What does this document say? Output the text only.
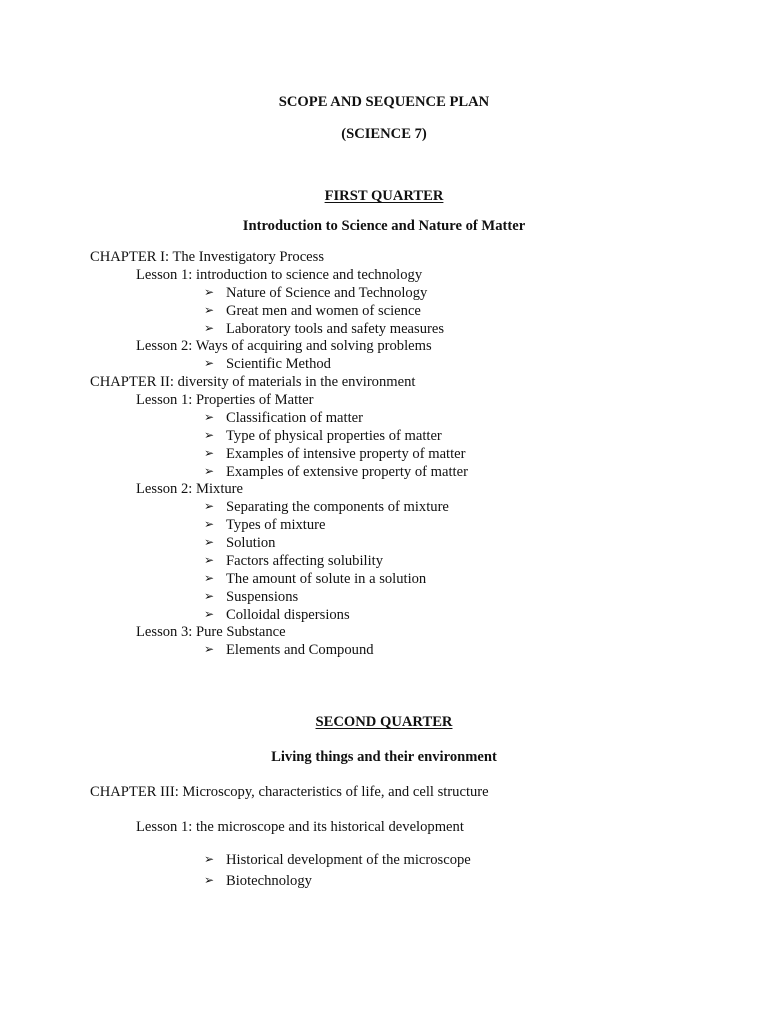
SCOPE AND SEQUENCE PLAN
(SCIENCE 7)
FIRST QUARTER
Introduction to Science and Nature of Matter
CHAPTER I: The Investigatory Process
Lesson 1: introduction to science and technology
➢ Nature of Science and Technology
➢ Great men and women of science
➢ Laboratory tools and safety measures
Lesson 2: Ways of acquiring and solving problems
➢ Scientific Method
CHAPTER II: diversity of materials in the environment
Lesson 1: Properties of Matter
➢ Classification of matter
➢ Type of physical properties of matter
➢ Examples of intensive property of matter
➢ Examples of extensive property of matter
Lesson 2: Mixture
➢ Separating the components of mixture
➢ Types of mixture
➢ Solution
➢ Factors affecting solubility
➢ The amount of solute in a solution
➢ Suspensions
➢ Colloidal dispersions
Lesson 3: Pure Substance
➢ Elements and Compound
SECOND QUARTER
Living things and their environment
CHAPTER III: Microscopy, characteristics of life, and cell structure
Lesson 1: the microscope and its historical development
➢ Historical development of the microscope
➢ Biotechnology
